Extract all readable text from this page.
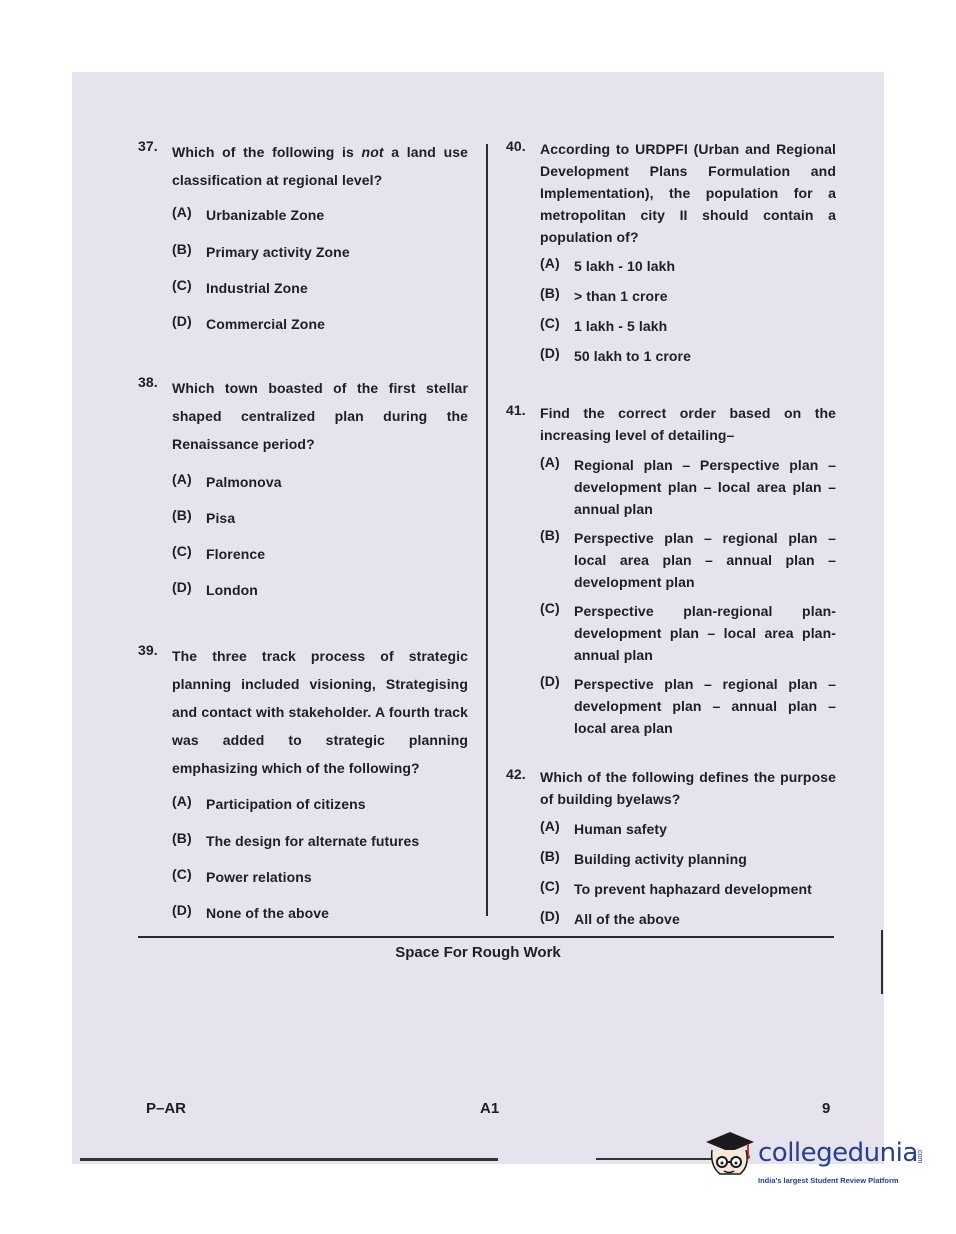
37. Which of the following is not a land use classification at regional level?
(A) Urbanizable Zone
(B) Primary activity Zone
(C) Industrial Zone
(D) Commercial Zone
38. Which town boasted of the first stellar shaped centralized plan during the Renaissance period?
(A) Palmonova
(B) Pisa
(C) Florence
(D) London
39. The three track process of strategic planning included visioning, Strategising and contact with stakeholder. A fourth track was added to strategic planning emphasizing which of the following?
(A) Participation of citizens
(B) The design for alternate futures
(C) Power relations
(D) None of the above
40. According to URDPFI (Urban and Regional Development Plans Formulation and Implementation), the population for a metropolitan city II should contain a population of?
(A) 5 lakh - 10 lakh
(B) > than 1 crore
(C) 1 lakh - 5 lakh
(D) 50 lakh to 1 crore
41. Find the correct order based on the increasing level of detailing–
(A) Regional plan – Perspective plan – development plan – local area plan – annual plan
(B) Perspective plan – regional plan – local area plan – annual plan – development plan
(C) Perspective plan-regional plan-development plan – local area plan-annual plan
(D) Perspective plan – regional plan – development plan – annual plan – local area plan
42. Which of the following defines the purpose of building byelaws?
(A) Human safety
(B) Building activity planning
(C) To prevent haphazard development
(D) All of the above
Space For Rough Work
P–AR	A1	9
collegedunia
.com
India's largest Student Review Platform
